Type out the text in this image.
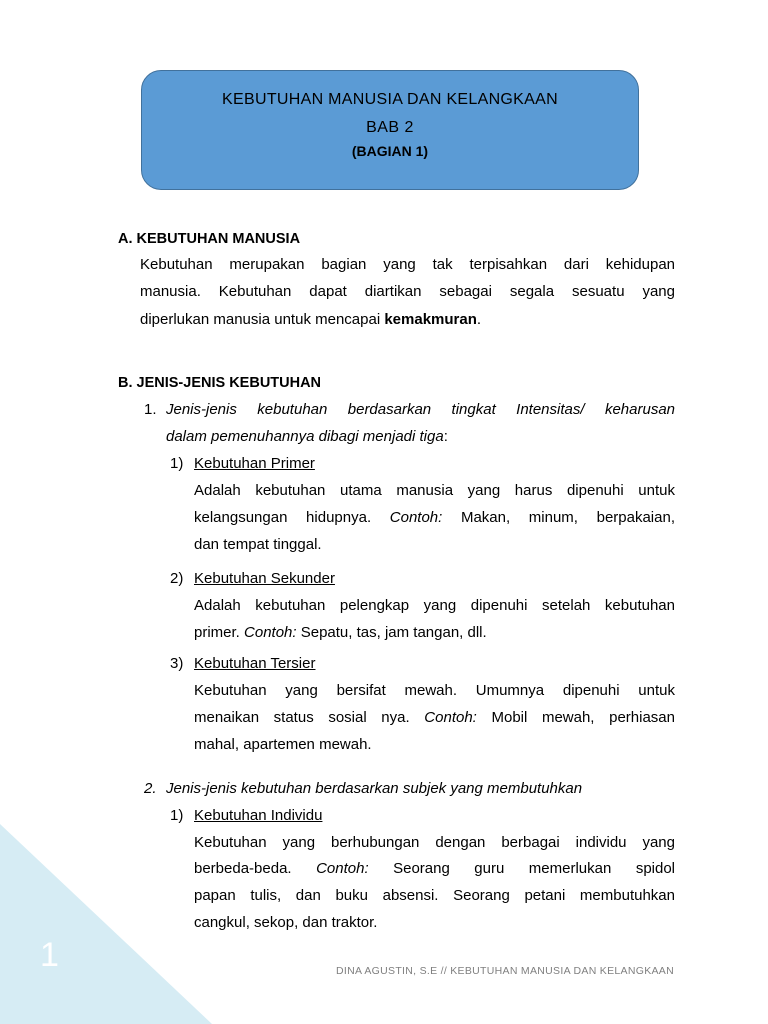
1
KEBUTUHAN MANUSIA DAN KELANGKAAN
BAB 2
(BAGIAN 1)
A. KEBUTUHAN MANUSIA
Kebutuhan merupakan bagian yang tak terpisahkan dari kehidupan
manusia. Kebutuhan dapat diartikan sebagai segala sesuatu yang
diperlukan manusia untuk mencapai kemakmuran.
B. JENIS-JENIS KEBUTUHAN
1. Jenis-jenis kebutuhan berdasarkan tingkat Intensitas/ keharusan
dalam pemenuhannya dibagi menjadi tiga:
1) Kebutuhan Primer
Adalah kebutuhan utama manusia yang harus dipenuhi untuk
kelangsungan hidupnya. Contoh: Makan, minum, berpakaian,
dan tempat tinggal.
2) Kebutuhan Sekunder
Adalah kebutuhan pelengkap yang dipenuhi setelah kebutuhan
primer. Contoh: Sepatu, tas, jam tangan, dll.
3) Kebutuhan Tersier
Kebutuhan yang bersifat mewah. Umumnya dipenuhi untuk
menaikan status sosial nya. Contoh: Mobil mewah, perhiasan
mahal, apartemen mewah.
2. Jenis-jenis kebutuhan berdasarkan subjek yang membutuhkan
1) Kebutuhan Individu
Kebutuhan yang berhubungan dengan berbagai individu yang
berbeda-beda. Contoh: Seorang guru memerlukan spidol
papan tulis, dan buku absensi. Seorang petani membutuhkan
cangkul, sekop, dan traktor.
DINA AGUSTIN, S.E // KEBUTUHAN MANUSIA DAN KELANGKAAN
